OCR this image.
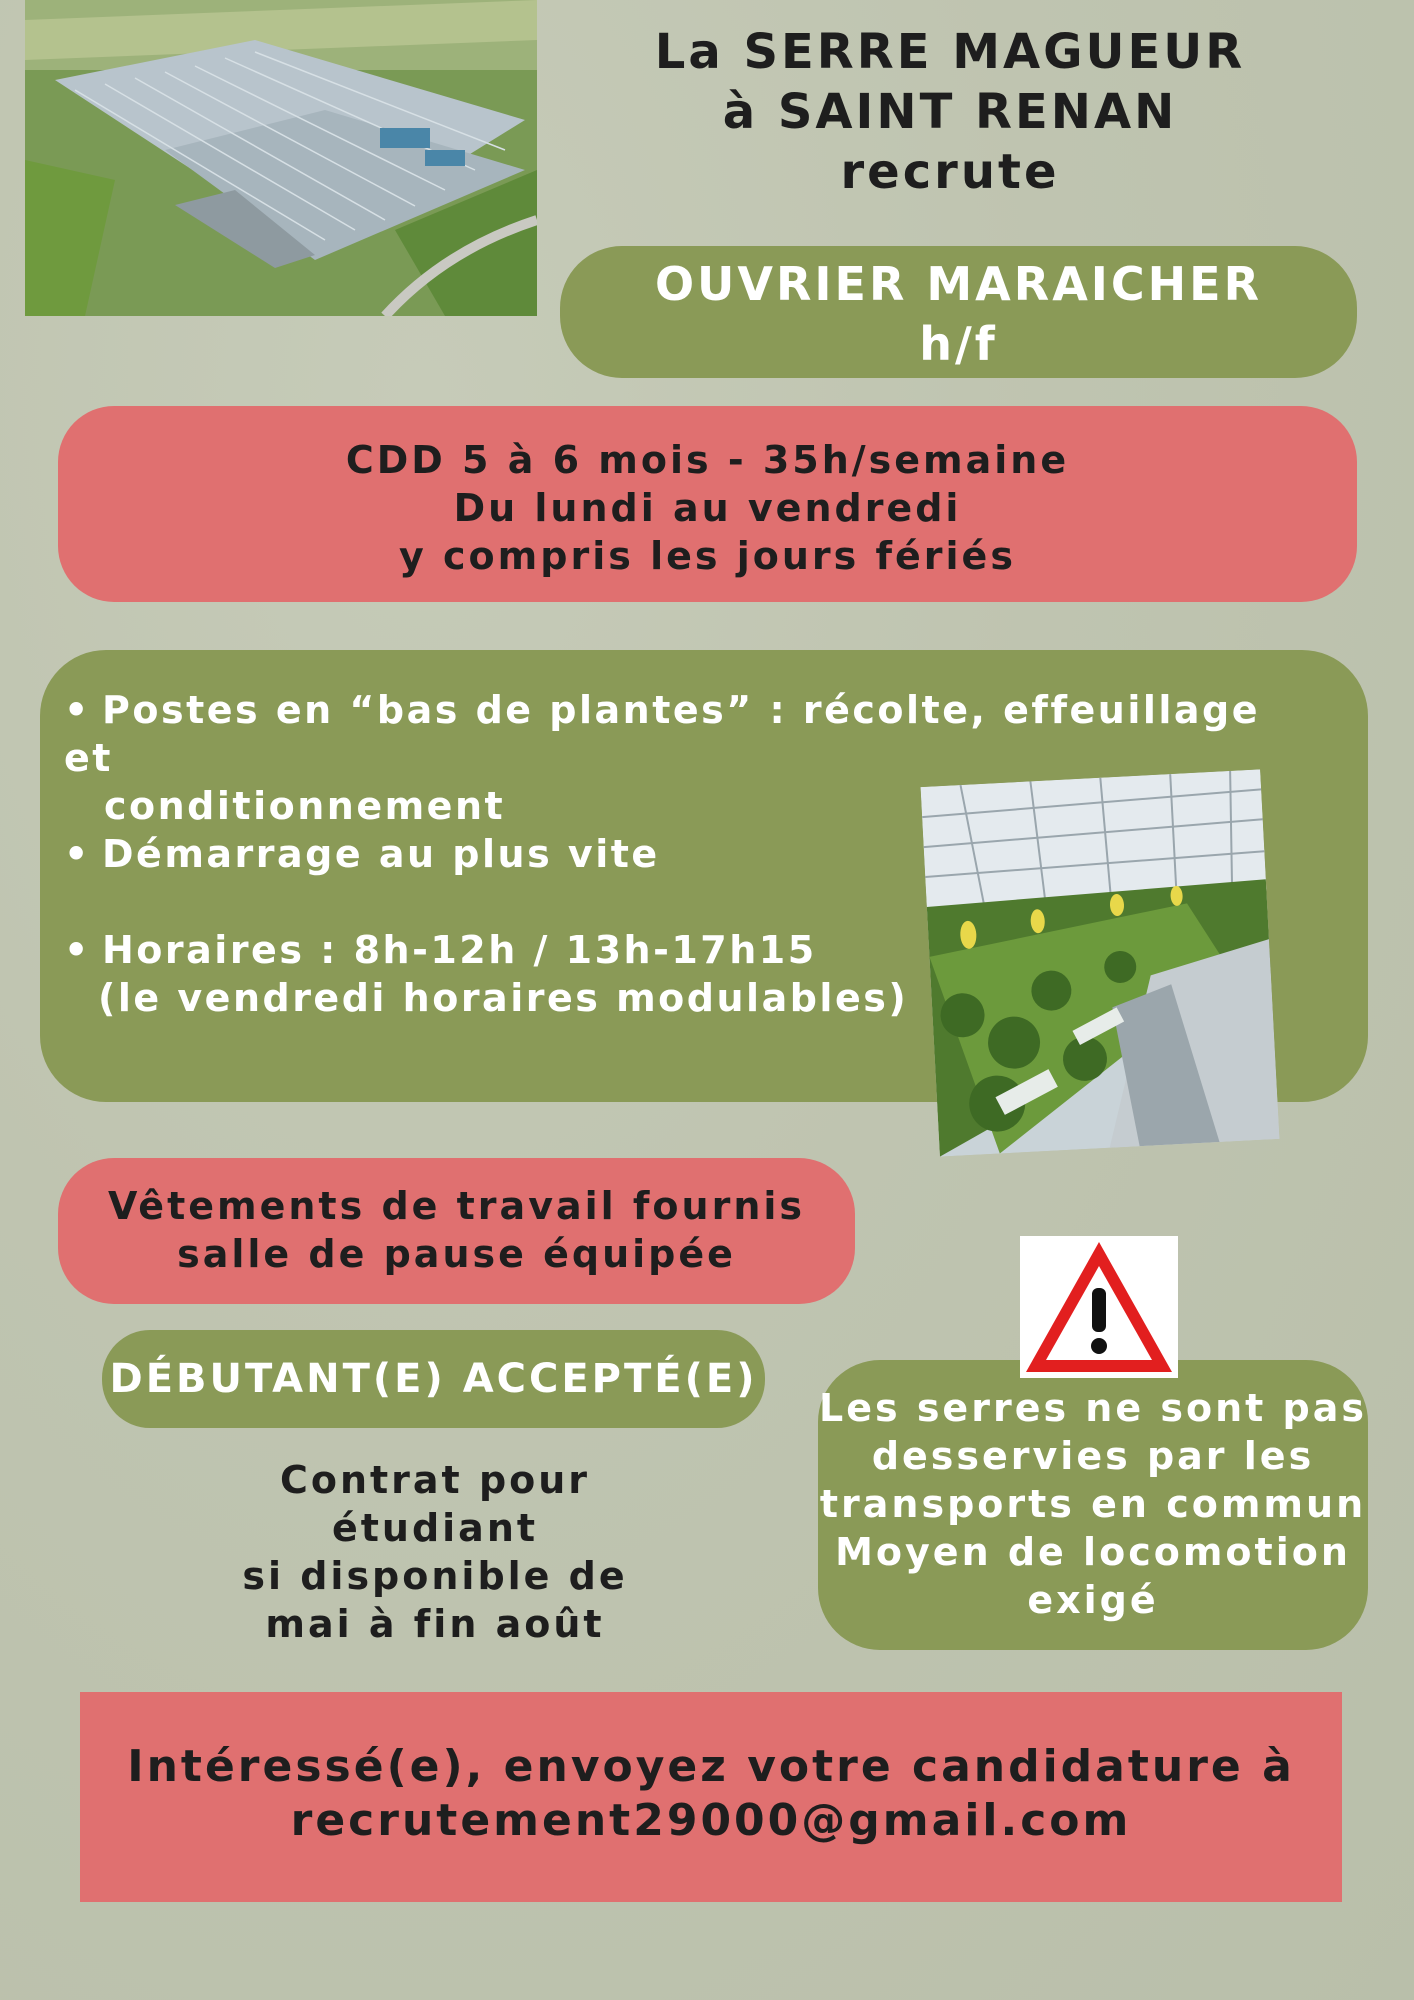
La SERRE MAGUEUR
à SAINT RENAN
recrute
OUVRIER MARAICHER
h/f
CDD 5 à 6 mois - 35h/semaine
Du lundi au vendredi
y compris les jours fériés
• Postes en “bas de plantes” : récolte, effeuillage et
conditionnement
• Démarrage au plus vite
• Horaires : 8h-12h / 13h-17h15
(le vendredi horaires modulables)
Vêtements de travail fournis
salle de pause équipée
DÉBUTANT(E) ACCEPTÉ(E)
Contrat pour
étudiant
si disponible de
mai à fin août
Les serres ne sont pas
desservies par les
transports en commun
Moyen de locomotion
exigé
Intéressé(e), envoyez votre candidature à
recrutement29000@gmail.com
